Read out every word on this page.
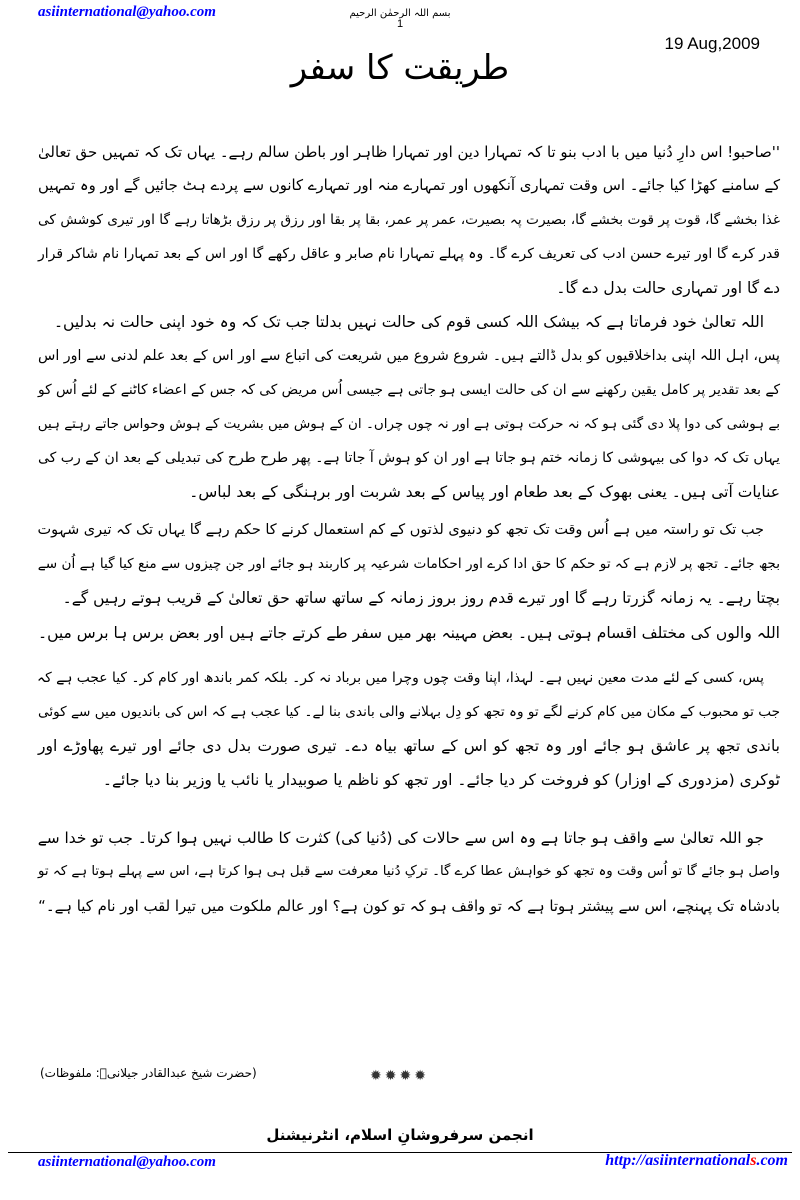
asiinternational@yahoo.com	بسم اللہ الرحمٰن الرحیم
1
19 Aug,2009
طریقت کا سفر
''صاحبو! اس دارِ دُنیا میں با ادب بنو تا کہ تمہارا دین اور تمہارا ظاہر اور باطن سالم رہے۔ یہاں تک کہ تمہیں حق تعالیٰ
کے سامنے کھڑا کیا جائے۔ اس وقت تمہاری آنکھوں اور تمہارے منہ اور تمہارے کانوں سے پردے ہٹ جائیں گے اور وہ تمہیں
غذا بخشے گا، قوت پر قوت بخشے گا، بصیرت پہ بصیرت، عمر پر عمر، بقا پر بقا اور رزق پر رزق بڑھاتا رہے گا اور تیری کوشش کی
قدر کرے گا اور تیرے حسن ادب کی تعریف کرے گا۔ وہ پہلے تمہارا نام صابر و عاقل رکھے گا اور اس کے بعد تمہارا نام شاکر قرار
دے گا اور تمہاری حالت بدل دے گا۔
اللہ تعالیٰ خود فرماتا ہے کہ بیشک اللہ کسی قوم کی حالت نہیں بدلتا جب تک کہ وہ خود اپنی حالت نہ بدلیں۔
پس، اہل اللہ اپنی بداخلاقیوں کو بدل ڈالتے ہیں۔ شروع شروع میں شریعت کی اتباع سے اور اس کے بعد علم لدنی سے اور اس
کے بعد تقدیر پر کامل یقین رکھنے سے ان کی حالت ایسی ہو جاتی ہے جیسی اُس مریض کی کہ جس کے اعضاء کاٹنے کے لئے اُس کو
بے ہوشی کی دوا پلا دی گئی ہو کہ نہ حرکت ہوتی ہے اور نہ چوں چراں۔ ان کے ہوش میں بشریت کے ہوش وحواس جاتے رہتے ہیں
یہاں تک کہ دوا کی بیہوشی کا زمانہ ختم ہو جاتا ہے اور ان کو ہوش آ جاتا ہے۔ پھر طرح طرح کی تبدیلی کے بعد ان کے رب کی
عنایات آتی ہیں۔ یعنی بھوک کے بعد طعام اور پیاس کے بعد شربت اور برہنگی کے بعد لباس۔
جب تک تو راستہ میں ہے اُس وقت تک تجھ کو دنیوی لذتوں کے کم استعمال کرنے کا حکم رہے گا یہاں تک کہ تیری شہوت
بجھ جائے۔ تجھ پر لازم ہے کہ تو حکم کا حق ادا کرے اور احکامات شرعیہ پر کاربند ہو جائے اور جن چیزوں سے منع کیا گیا ہے اُن سے
بچتا رہے۔ یہ زمانہ گزرتا رہے گا اور تیرے قدم روز بروز زمانہ کے ساتھ ساتھ حق تعالیٰ کے قریب ہوتے رہیں گے۔
اللہ والوں کی مختلف اقسام ہوتی ہیں۔ بعض مہینہ بھر میں سفر طے کرتے جاتے ہیں اور بعض برس ہا برس میں۔
پس، کسی کے لئے مدت معین نہیں ہے۔ لہذا، اپنا وقت چوں وچرا میں برباد نہ کر۔ بلکہ کمر باندھ اور کام کر۔ کیا عجب ہے کہ
جب تو محبوب کے مکان میں کام کرنے لگے تو وہ تجھ کو دِل بہلانے والی باندی بنا لے۔ کیا عجب ہے کہ اس کی باندیوں میں سے کوئی
باندی تجھ پر عاشق ہو جائے اور وہ تجھ کو اس کے ساتھ بیاہ دے۔ تیری صورت بدل دی جائے اور تیرے پھاوڑے اور
ٹوکری (مزدوری کے اوزار) کو فروخت کر دیا جائے۔ اور تجھ کو ناظم یا صوبیدار یا نائب یا وزیر بنا دیا جائے۔
جو اللہ تعالیٰ سے واقف ہو جاتا ہے وہ اس سے حالات کی (دُنیا کی) کثرت کا طالب نہیں ہوا کرتا۔ جب تو خدا سے
واصل ہو جائے گا تو اُس وقت وہ تجھ کو خواہش عطا کرے گا۔ ترکِ دُنیا معرفت سے قبل ہی ہوا کرتا ہے، اس سے پہلے ہوتا ہے کہ تو
بادشاہ تک پہنچے، اس سے پیشتر ہوتا ہے کہ تو واقف ہو کہ تو کون ہے؟ اور عالم ملکوت میں تیرا لقب اور نام کیا ہے۔“
(حضرت شیخ عبدالقادر جیلانیؒ: ملفوظات)	✹✹✹✹
انجمن سرفروشانِ اسلام، انٹرنیشنل
asiinternational@yahoo.com	http://asiinternationals.com
